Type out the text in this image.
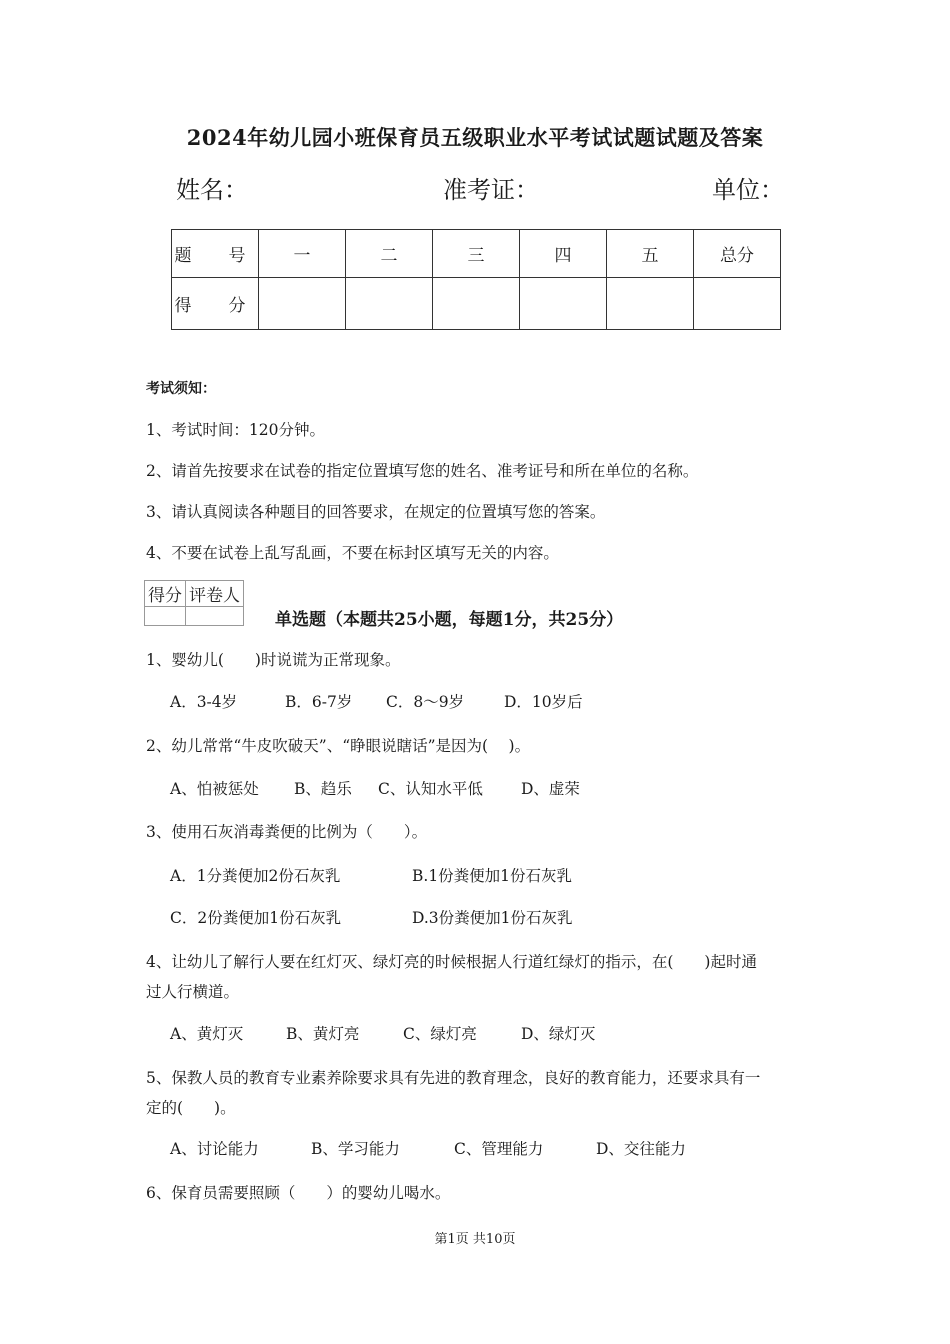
2024年幼儿园小班保育员五级职业水平考试试题试题及答案
姓名：	准考证：	单位：
题　号	一	二	三	四	五	总分
得　分						
考试须知：
1、考试时间：120分钟。
2、请首先按要求在试卷的指定位置填写您的姓名、准考证号和所在单位的名称。
3、请认真阅读各种题目的回答要求，在规定的位置填写您的答案。
4、不要在试卷上乱写乱画，不要在标封区填写无关的内容。
得分	评卷人

单选题（本题共25小题，每题1分，共25分）
1、婴幼儿(　　)时说谎为正常现象。
A．3-4岁	B．6-7岁 C．8～9岁	D．10岁后
2、幼儿常常“牛皮吹破天”、“睁眼说瞎话”是因为(　 )。
A、怕被惩处 B、趋乐 C、认知水平低 D、虚荣
3、使用石灰消毒粪便的比例为（　　）。
A．1分粪便加2份石灰乳	B.1份粪便加1份石灰乳
C．2份粪便加1份石灰乳	D.3份粪便加1份石灰乳
4、让幼儿了解行人要在红灯灭、绿灯亮的时候根据人行道红绿灯的指示，在(　　)起时通
过人行横道。
A、黄灯灭	B、黄灯亮	C、绿灯亮	D、绿灯灭
5、保教人员的教育专业素养除要求具有先进的教育理念，良好的教育能力，还要求具有一
定的(　　)。
A、讨论能力	B、学习能力	C、管理能力	D、交往能力
6、保育员需要照顾（　　）的婴幼儿喝水。
第1页 共10页
